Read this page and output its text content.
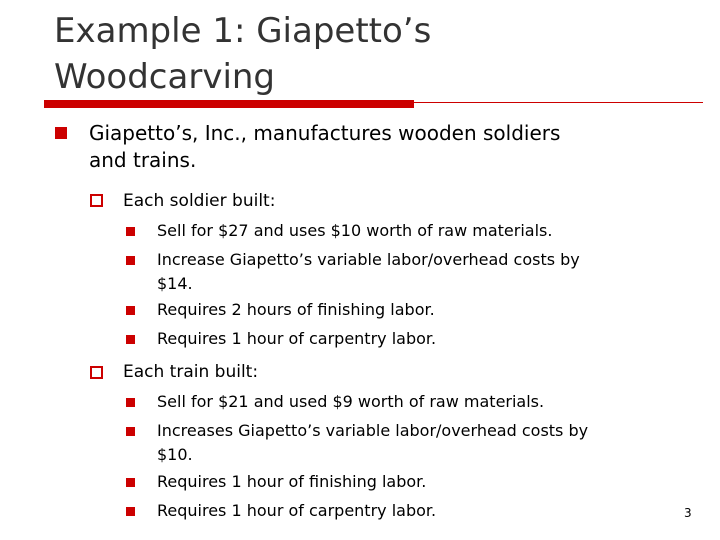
Example 1: Giapetto’s
Woodcarving
Giapetto’s, Inc., manufactures wooden soldiers
and trains.
Each soldier built:
Sell for $27 and uses $10 worth of raw materials.
Increase Giapetto’s variable labor/overhead costs by
$14.
Requires 2 hours of finishing labor.
Requires 1 hour of carpentry labor.
Each train built:
Sell for $21 and used $9 worth of raw materials.
Increases Giapetto’s variable labor/overhead costs by
$10.
Requires 1 hour of finishing labor.
Requires 1 hour of carpentry labor.	3
